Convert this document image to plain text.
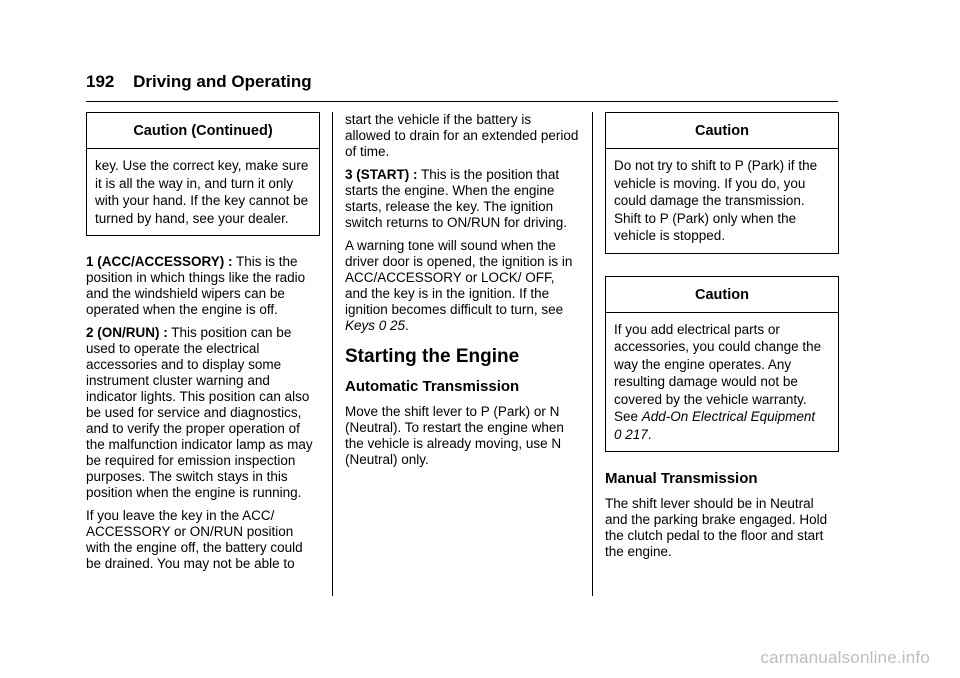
192 Driving and Operating
Caution (Continued)
key. Use the correct key, make sure it is all the way in, and turn it only with your hand. If the key cannot be turned by hand, see your dealer.

1 (ACC/ACCESSORY) : This is the position in which things like the radio and the windshield wipers can be operated when the engine is off.

2 (ON/RUN) : This position can be used to operate the electrical accessories and to display some instrument cluster warning and indicator lights. This position can also be used for service and diagnostics, and to verify the proper operation of the malfunction indicator lamp as may be required for emission inspection purposes. The switch stays in this position when the engine is running.

If you leave the key in the ACC/ ACCESSORY or ON/RUN position with the engine off, the battery could be drained. You may not be able to

start the vehicle if the battery is allowed to drain for an extended period of time.

3 (START) : This is the position that starts the engine. When the engine starts, release the key. The ignition switch returns to ON/RUN for driving.

A warning tone will sound when the driver door is opened, the ignition is in ACC/ACCESSORY or LOCK/ OFF, and the key is in the ignition. If the ignition becomes difficult to turn, see Keys 0 25.

Starting the Engine
Automatic Transmission

Move the shift lever to P (Park) or N (Neutral). To restart the engine when the vehicle is already moving, use N (Neutral) only.

Caution
Do not try to shift to P (Park) if the vehicle is moving. If you do, you could damage the transmission. Shift to P (Park) only when the vehicle is stopped.
Caution
If you add electrical parts or accessories, you could change the way the engine operates. Any resulting damage would not be covered by the vehicle warranty. See Add-On Electrical Equipment
0 217.
Manual Transmission

The shift lever should be in Neutral and the parking brake engaged. Hold the clutch pedal to the floor and start the engine.

carmanualsonline.info
